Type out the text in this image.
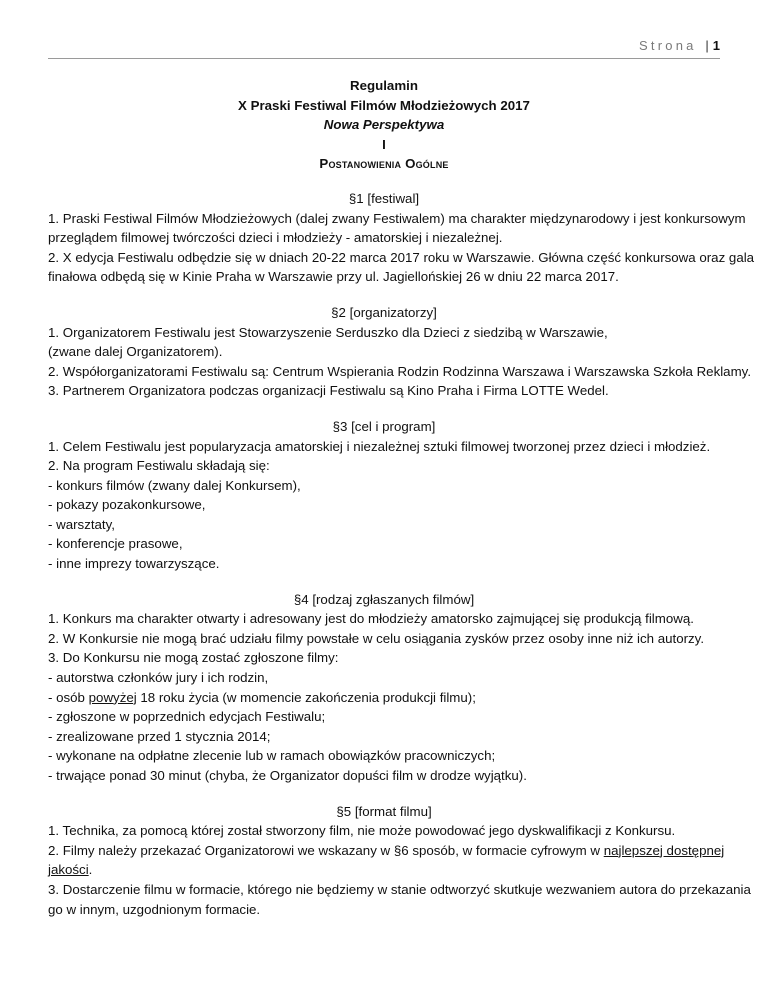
Strona | 1
Regulamin
X Praski Festiwal Filmów Młodzieżowych 2017
Nowa Perspektywa
I
Postanowienia Ogólne
§1 [festiwal]
1. Praski Festiwal Filmów Młodzieżowych (dalej zwany Festiwalem) ma charakter międzynarodowy i jest konkursowym
przeglądem filmowej twórczości dzieci i młodzieży - amatorskiej i niezależnej.
2. X edycja Festiwalu odbędzie się w dniach 20-22 marca 2017 roku w Warszawie. Główna część konkursowa oraz gala
finałowa odbędą się w Kinie Praha w Warszawie przy ul. Jagiellońskiej 26 w dniu 22 marca 2017.
§2 [organizatorzy]
1. Organizatorem Festiwalu jest Stowarzyszenie Serduszko dla Dzieci z siedzibą w Warszawie,
(zwane dalej Organizatorem).
2. Współorganizatorami Festiwalu są: Centrum Wspierania Rodzin Rodzinna Warszawa i Warszawska Szkoła Reklamy.
3. Partnerem Organizatora podczas organizacji Festiwalu są Kino Praha i Firma LOTTE Wedel.
§3 [cel i program]
1. Celem Festiwalu jest popularyzacja amatorskiej i niezależnej sztuki filmowej tworzonej przez dzieci i młodzież.
2. Na program Festiwalu składają się:
- konkurs filmów (zwany dalej Konkursem),
- pokazy pozakonkursowe,
- warsztaty,
- konferencje prasowe,
- inne imprezy towarzyszące.
§4 [rodzaj zgłaszanych filmów]
1. Konkurs ma charakter otwarty i adresowany jest do młodzieży amatorsko zajmującej się produkcją filmową.
2. W Konkursie nie mogą brać udziału filmy powstałe w celu osiągania zysków przez osoby inne niż ich autorzy.
3. Do Konkursu nie mogą zostać zgłoszone filmy:
- autorstwa członków jury i ich rodzin,
- osób powyżej 18 roku życia (w momencie zakończenia produkcji filmu);
- zgłoszone w poprzednich edycjach Festiwalu;
- zrealizowane przed 1 stycznia 2014;
- wykonane na odpłatne zlecenie lub w ramach obowiązków pracowniczych;
- trwające ponad 30 minut (chyba, że Organizator dopuści film w drodze wyjątku).
§5 [format filmu]
1. Technika, za pomocą której został stworzony film, nie może powodować jego dyskwalifikacji z Konkursu.
2. Filmy należy przekazać Organizatorowi we wskazany w §6 sposób, w formacie cyfrowym w najlepszej dostępnej
jakości.
3. Dostarczenie filmu w formacie, którego nie będziemy w stanie odtworzyć skutkuje wezwaniem autora do przekazania
go w innym, uzgodnionym formacie.
